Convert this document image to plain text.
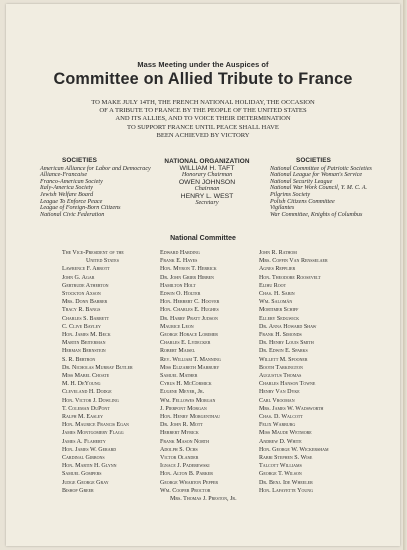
Mass Meeting under the Auspices of
Committee on Allied Tribute to France
TO MAKE JULY 14TH, THE FRENCH NATIONAL HOLIDAY, THE OCCASION
OF A TRIBUTE TO FRANCE BY THE PEOPLE OF THE UNITED STATES
AND ITS ALLIES, AND TO VOICE THEIR DETERMINATION
TO SUPPORT FRANCE UNTIL PEACE SHALL HAVE
BEEN ACHIEVED BY VICTORY
SOCIETIES
American Alliance for Labor and Democracy
Alliance-Francaise
Franco-American Society
Italy-America Society
Jewish Welfare Board
League To Enforce Peace
League of Foreign-Born Citizens
National Civic Federation
NATIONAL ORGANIZATION
WILLIAM H. TAFT
Honorary Chairman
OWEN JOHNSON
Chairman
HENRY L. WEST
Secretary
SOCIETIES
National Committee of Patriotic Societies
National League for Woman's Service
National Security League
National War Work Council, Y. M. C. A.
Pilgrims Society
Polish Citizens Committee
Vigilantes
War Committee, Knights of Columbus
National Committee
The Vice-President of the
United States
Lawrence F. Abbott
John G. Agar
Gertrude Atherton
Stockton Axson
Mrs. Donn Barber
Tracy R. Bangs
Charles S. Barrett
C. Clive Bayley
Hon. James M. Beck
Martin Beiterman
Herman Bernstein
S. R. Bertron
Dr. Nicholas Murray Butler
Miss Mabel Choate
M. H. DeYoung
Cleveland H. Dodge
Hon. Victor J. Dowling
T. Coleman DuPont
Ralph M. Easley
Hon. Maurice Francis Egan
James Montgomery Flagg
James A. Flaherty
Hon. James W. Gerard
Cardinal Gibbons
Hon. Martin H. Glynn
Samuel Gompers
Judge George Gray
Bishop Greer
Edward Harding
Frank E. Hayes
Hon. Myron T. Herrick
Dr. John Grier Hibben
Hamilton Holt
Edwin O. Holter
Hon. Herbert C. Hoover
Hon. Charles E. Hughes
Dr. Harry Pratt Judson
Maurice Leon
George Horace Lorimer
Charles E. Lydecker
Robert Maisel
Rev. William T. Manning
Miss Elizabeth Marbury
Samuel Mather
Cyrus H. McCormick
Eugene Meyer, Jr.
Wm. Fellowes Morgan
J. Pierpont Morgan
Hon. Henry Morgenthau
Dr. John R. Mott
Herbert Myrick
Frank Mason North
Adolph S. Ochs
Victor Olander
Ignace J. Paderewski
Hon. Alton B. Parker
George Wharton Pepper
Wm. Cooper Proctor
Mrs. Thomas J. Preston, Jr.
John R. Rathom
Mrs. Coffin Van Rensselaer
Agnes Repplier
Hon. Theodore Roosevelt
Elihu Root
Chas. H. Sabin
Wm. Salomán
Mortimer Schiff
Ellery Sedgwick
Dr. Anna Howard Shaw
Frank H. Simonds
Dr. Henry Louis Smith
Dr. Edwin E. Sparks
Willett M. Spooner
Booth Tarkington
Augustus Thomas
Charles Hanson Towne
Henry Van Dyke
Carl Vrooman
Mrs. James W. Wadsworth
Chas. D. Walcott
Felix Warburg
Miss Maude Wetmore
Andrew D. White
Hon. George W. Wickersham
Rabbi Stephen S. Wise
Talcott Williams
George T. Wilson
Dr. Benj. Ide Wheeler
Hon. Lafayette Young
